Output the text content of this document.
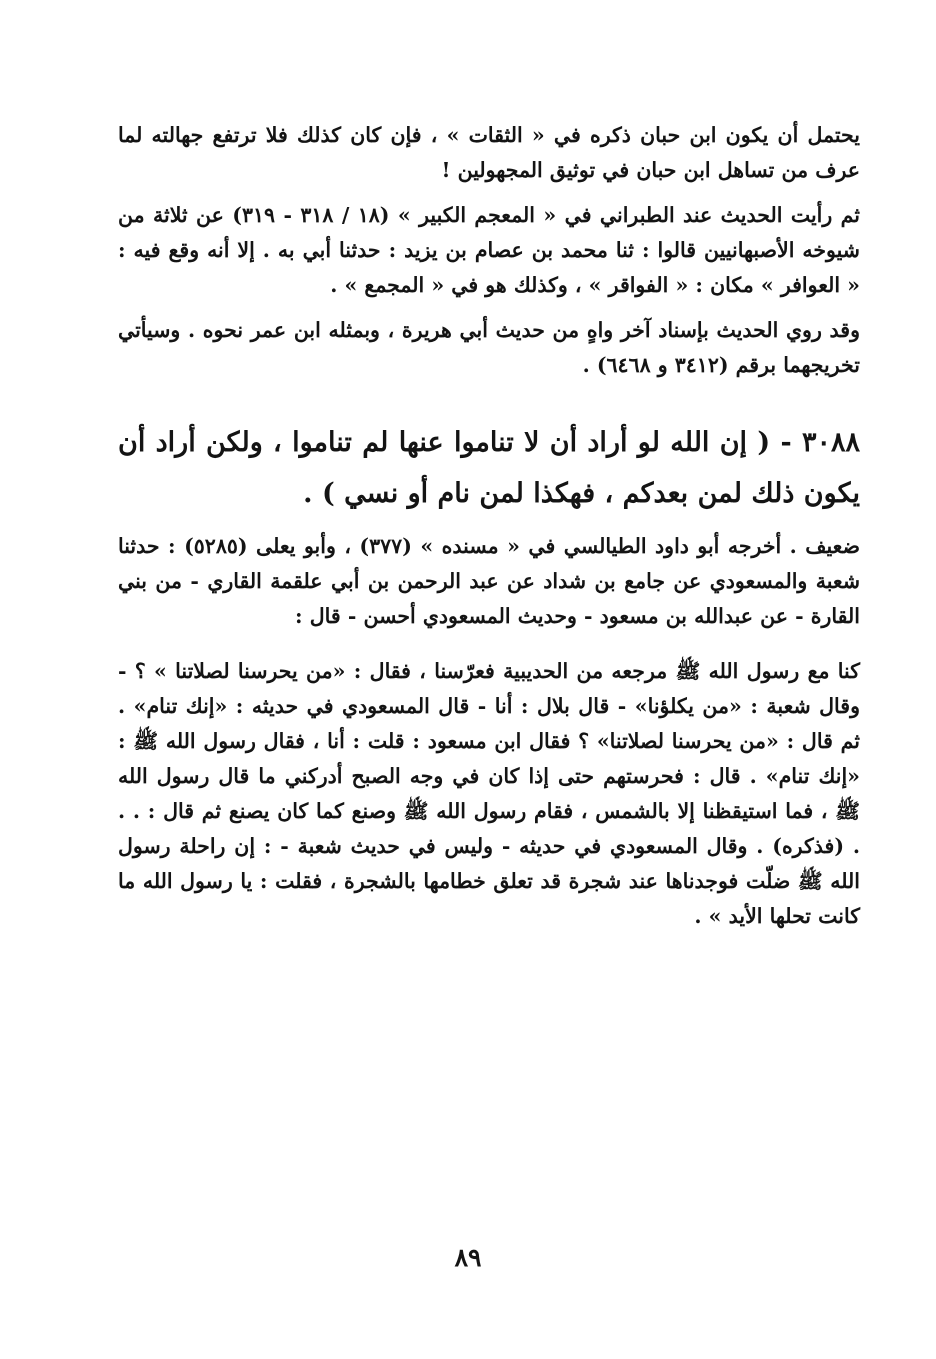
يحتمل أن يكون ابن حبان ذكره في « الثقات » ، فإن كان كذلك فلا ترتفع جهالته لما عرف من تساهل ابن حبان في توثيق المجهولين !

ثم رأيت الحديث عند الطبراني في « المعجم الكبير » (١٨ / ٣١٨ - ٣١٩) عن ثلاثة من شيوخه الأصبهانيين قالوا : ثنا محمد بن عصام بن يزيد : حدثنا أبي به . إلا أنه وقع فيه : « العوافر » مكان : « الفواقر » ، وكذلك هو في « المجمع » .

وقد روي الحديث بإسناد آخر واهٍ من حديث أبي هريرة ، وبمثله ابن عمر نحوه . وسيأتي تخريجهما برقم (٣٤١٢ و ٦٤٦٨) .

٣٠٨٨ - ( إن الله لو أراد أن لا تناموا عنها لم تناموا ، ولكن أراد أن يكون ذلك لمن بعدكم ، فهكذا لمن نام أو نسي ) .

ضعيف . أخرجه أبو داود الطيالسي في « مسنده » (٣٧٧) ، وأبو يعلى (٥٢٨٥) : حدثنا شعبة والمسعودي عن جامع بن شداد عن عبد الرحمن بن أبي علقمة القاري - من بني القارة - عن عبدالله بن مسعود - وحديث المسعودي أحسن - قال :

كنا مع رسول الله ﷺ مرجعه من الحديبية فعرّسنا ، فقال : «من يحرسنا لصلاتنا » ؟ - وقال شعبة : «من يكلؤنا» - قال بلال : أنا - قال المسعودي في حديثه : «إنك تنام» . ثم قال : «من يحرسنا لصلاتنا» ؟ فقال ابن مسعود : قلت : أنا ، فقال رسول الله ﷺ : «إنك تنام» . قال : فحرستهم حتى إذا كان في وجه الصبح أدركني ما قال رسول الله ﷺ ، فما استيقظنا إلا بالشمس ، فقام رسول الله ﷺ وصنع كما كان يصنع ثم قال : . . . (فذكره) . وقال المسعودي في حديثه - وليس في حديث شعبة - : إن راحلة رسول الله ﷺ ضلّت فوجدناها عند شجرة قد تعلق خطامها بالشجرة ، فقلت : يا رسول الله ما كانت تحلها الأيد » .

٨٩
